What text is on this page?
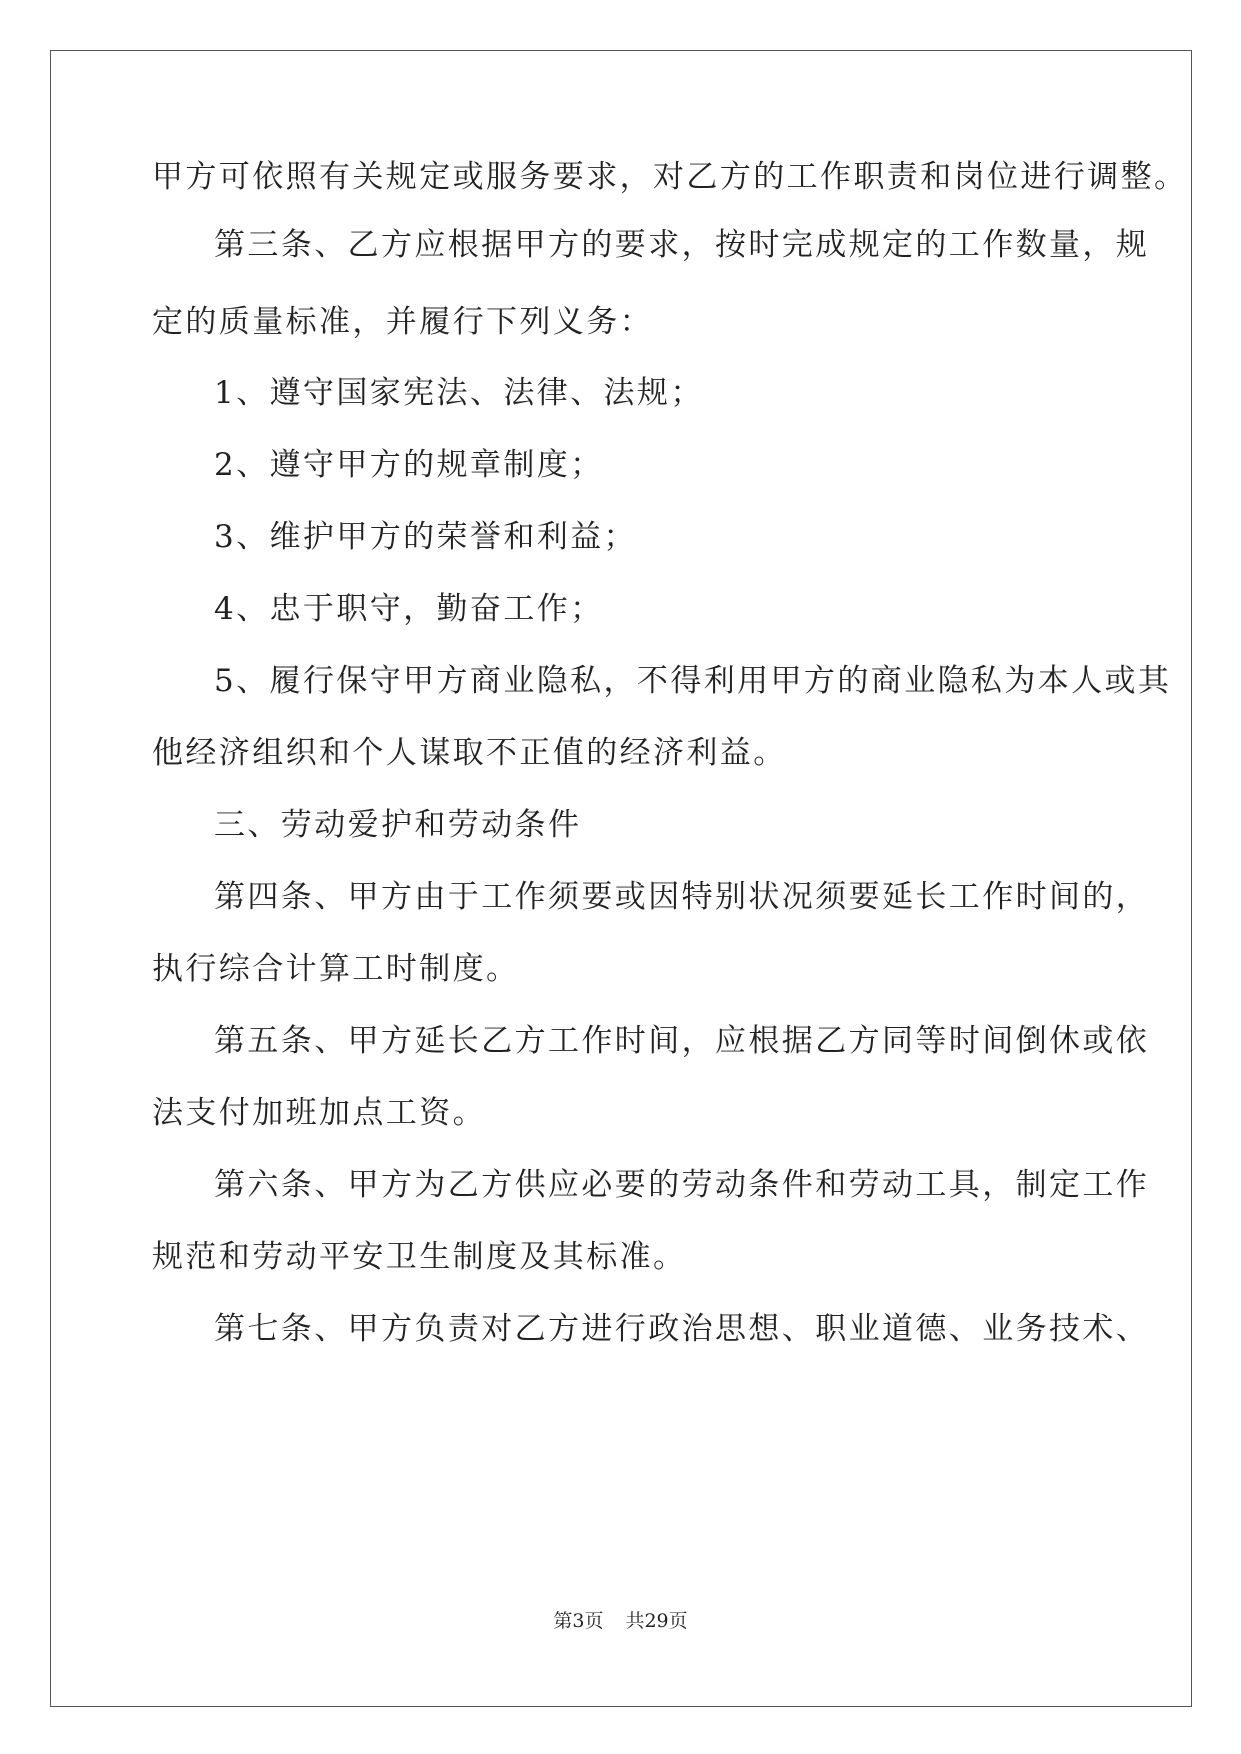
甲方可依照有关规定或服务要求，对乙方的工作职责和岗位进行调整。
第三条、乙方应根据甲方的要求，按时完成规定的工作数量，规
定的质量标准，并履行下列义务：
1、遵守国家宪法、法律、法规；
2、遵守甲方的规章制度；
3、维护甲方的荣誉和利益；
4、忠于职守，勤奋工作；
5、履行保守甲方商业隐私，不得利用甲方的商业隐私为本人或其
他经济组织和个人谋取不正值的经济利益。
三、劳动爱护和劳动条件
第四条、甲方由于工作须要或因特别状况须要延长工作时间的，
执行综合计算工时制度。
第五条、甲方延长乙方工作时间，应根据乙方同等时间倒休或依
法支付加班加点工资。
第六条、甲方为乙方供应必要的劳动条件和劳动工具，制定工作
规范和劳动平安卫生制度及其标准。
第七条、甲方负责对乙方进行政治思想、职业道德、业务技术、
第3页 共29页
